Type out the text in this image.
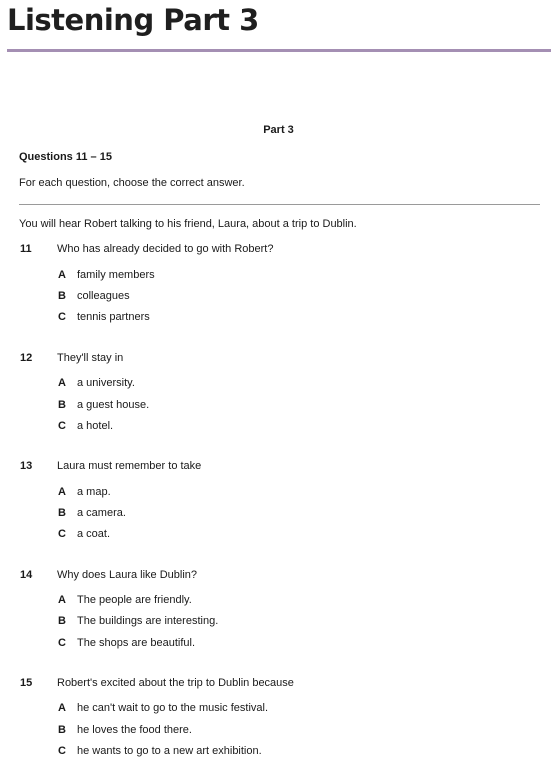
Listening Part 3
Part 3
Questions 11 – 15
For each question, choose the correct answer.
You will hear Robert talking to his friend, Laura, about a trip to Dublin.
11 Who has already decided to go with Robert?
A family members
B colleagues
C tennis partners
12 They'll stay in
A a university.
B a guest house.
C a hotel.
13 Laura must remember to take
A a map.
B a camera.
C a coat.
14 Why does Laura like Dublin?
A The people are friendly.
B The buildings are interesting.
C The shops are beautiful.
15 Robert's excited about the trip to Dublin because
A he can't wait to go to the music festival.
B he loves the food there.
C he wants to go to a new art exhibition.
